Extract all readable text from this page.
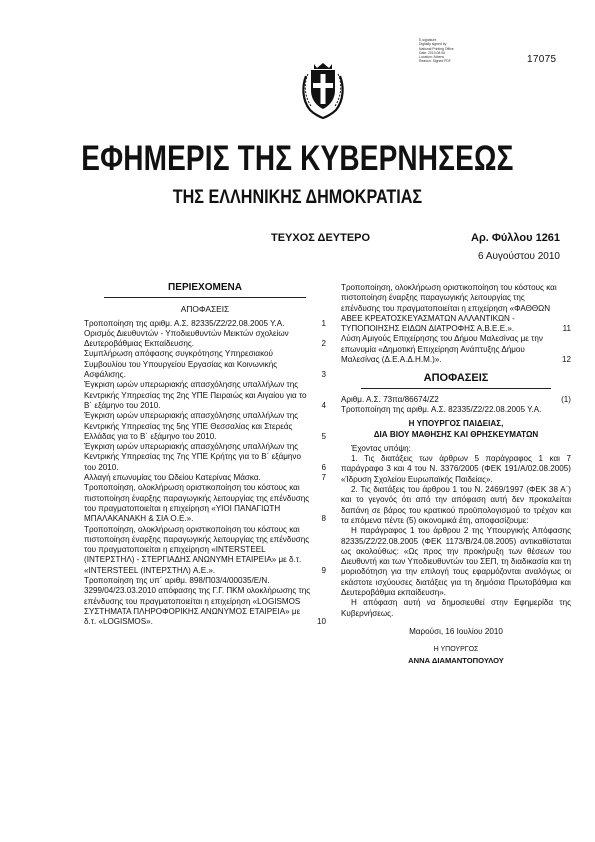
E-signature
Digitally signed by
National Printing Office
Date: 2010.08.06
Location: Athens
Reason: Signed PDF	17075
ΕΦΗΜΕΡΙΣ ΤΗΣ ΚΥΒΕΡΝΗΣΕΩΣ
ΤΗΣ ΕΛΛΗΝΙΚΗΣ ΔΗΜΟΚΡΑΤΙΑΣ
ΤΕΥΧΟΣ ΔΕΥΤΕΡΟ	Αρ. Φύλλου 1261
6 Αυγούστου 2010
ΠΕΡΙΕΧΟΜΕΝΑ
ΑΠΟΦΑΣΕΙΣ
Τροποποίηση της αριθμ. Α.Σ. 82335/Ζ2/22.08.2005 Υ.Α.	1
Ορισμός Διευθυντών - Υποδιευθυντών Μεικτών σχολείων Δευτεροβάθμιας Εκπαίδευσης.	2
Συμπλήρωση απόφασης συγκρότησης Υπηρεσιακού Συμβουλίου του Υπουργείου Εργασίας και Κοινωνικής Ασφάλισης.	3
Έγκριση ωρών υπερωριακής απασχόλησης υπαλλήλων της Κεντρικής Υπηρεσίας της 2ης ΥΠΕ Πειραιώς και Αιγαίου για το Β΄ εξάμηνο του 2010.	4
Έγκριση ωρών υπερωριακής απασχόλησης υπαλλήλων της Κεντρικής Υπηρεσίας της 5ης ΥΠΕ Θεσσαλίας και Στερεάς Ελλάδας για το Β΄ εξάμηνο του 2010.	5
Έγκριση ωρών υπερωριακής απασχόλησης υπαλλήλων της Κεντρικής Υπηρεσίας της 7ης ΥΠΕ Κρήτης για το Β΄ εξάμηνο του 2010.	6
Αλλαγή επωνυμίας του Ωδείου Κατερίνας Μάσκα.	7
Τροποποίηση, ολοκλήρωση οριστικοποίηση του κόστους και πιστοποίηση έναρξης παραγωγικής λειτουργίας της επένδυσης του πραγματοποιείται η επιχείρηση «ΥΙΟΙ ΠΑΝΑΓΙΩΤΗ ΜΠΑΛΑΚΑΝΑΚΗ & ΣΙΑ Ο.Ε.».	8
Τροποποίηση, ολοκλήρωση οριστικοποίηση του κόστους και πιστοποίηση έναρξης παραγωγικής λειτουργίας της επένδυσης του πραγματοποιείται η επιχείρηση «INTERSTEEL (ΙΝΤΕΡΣΤΗΛ) - ΣΤΕΡΓΙΑΔΗΣ ΑΝΩΝΥΜΗ ΕΤΑΙΡΕΙΑ» με δ.τ. «INTERSTEEL (ΙΝΤΕΡΣΤΗΛ) Α.Ε.».	9
Τροποποίηση της υπ΄ αριθμ. 898/Π03/4/00035/Ε/Ν. 3299/04/23.03.2010 απόφασης της Γ.Γ. ΠΚΜ ολοκλήρωσης της επένδυσης του πραγματοποιείται η επιχείρηση «LOGISMOS ΣΥΣΤΗΜΑΤΑ ΠΛΗΡΟΦΟΡΙΚΗΣ ΑΝΩΝΥΜΟΣ ΕΤΑΙΡΕΙΑ» με δ.τ. «LOGISMOS».	10
Τροποποίηση, ολοκλήρωση οριστικοποίηση του κόστους και πιστοποίηση έναρξης παραγωγικής λειτουργίας της επένδυσης του πραγματοποιείται η επιχείρηση «ΦΑΘΘΩΝ ΑΒΕΕ ΚΡΕΑΤΟΣΚΕΥΑΣΜΑΤΩΝ ΑΛΛΑΝΤΙΚΩΝ - ΤΥΠΟΠΟΙΗΣΗΣ ΕΙΔΩΝ ΔΙΑΤΡΟΦΗΣ Α.Β.Ε.Ε.».	11
Λύση Αμιγούς Επιχείρησης του Δήμου Μαλεσίνας με την επωνυμία «Δημοτική Επιχείρηση Ανάπτυξης Δήμου Μαλεσίνας (Δ.Ε.Α.Δ.Η.Μ.)».	12
ΑΠΟΦΑΣΕΙΣ
Αριθμ. Α.Σ. 73πα/86674/Ζ2	(1)

Τροποποίηση της αριθμ. Α.Σ. 82335/Ζ2/22.08.2005 Υ.Α.

Η ΥΠΟΥΡΓΟΣ ΠΑΙΔΕΙΑΣ,
ΔΙΑ ΒΙΟΥ ΜΑΘΗΣΗΣ ΚΑΙ ΘΡΗΣΚΕΥΜΑΤΩΝ

Έχοντας υπόψη:

1. Τις διατάξεις των άρθρων 5 παράγραφος 1 και 7 παράγραφο 3 και 4 του Ν. 3376/2005 (ΦΕΚ 191/Α/02.08.2005) «Ίδρυση Σχολείου Ευρωπαϊκής Παιδείας».

2. Τις διατάξεις του άρθρου 1 του Ν. 2469/1997 (ΦΕΚ 38 Α΄) και το γεγονός ότι από την απόφαση αυτή δεν προκαλείται δαπάνη σε βάρος του κρατικού προϋπολογισμού το τρέχον και τα επόμενα πέντε (5) οικονομικά έτη, αποφασίζουμε:

Η παράγραφος 1 του άρθρου 2 της Υπουργικής Απόφασης 82335/Ζ2/22.08.2005 (ΦΕΚ 1173/Β/24.08.2005) αντικαθίσταται ως ακολούθως: «Ως προς την προκήρυξη των θέσεων του Διευθυντή και των Υποδιευθυντών του ΣΕΠ, τη διαδικασία και τη μοριοδότηση για την επιλογή τους εφαρμόζονται αναλόγως οι εκάστοτε ισχύουσες διατάξεις για τη δημόσια Πρωτοβάθμια και Δευτεροβάθμια εκπαίδευση».

Η απόφαση αυτή να δημοσιευθεί στην Εφημερίδα της Κυβερνήσεως.

Μαρούσι, 16 Ιουλίου 2010
Η ΥΠΟΥΡΓΟΣ
ΑΝΝΑ ΔΙΑΜΑΝΤΟΠΟΥΛΟΥ
